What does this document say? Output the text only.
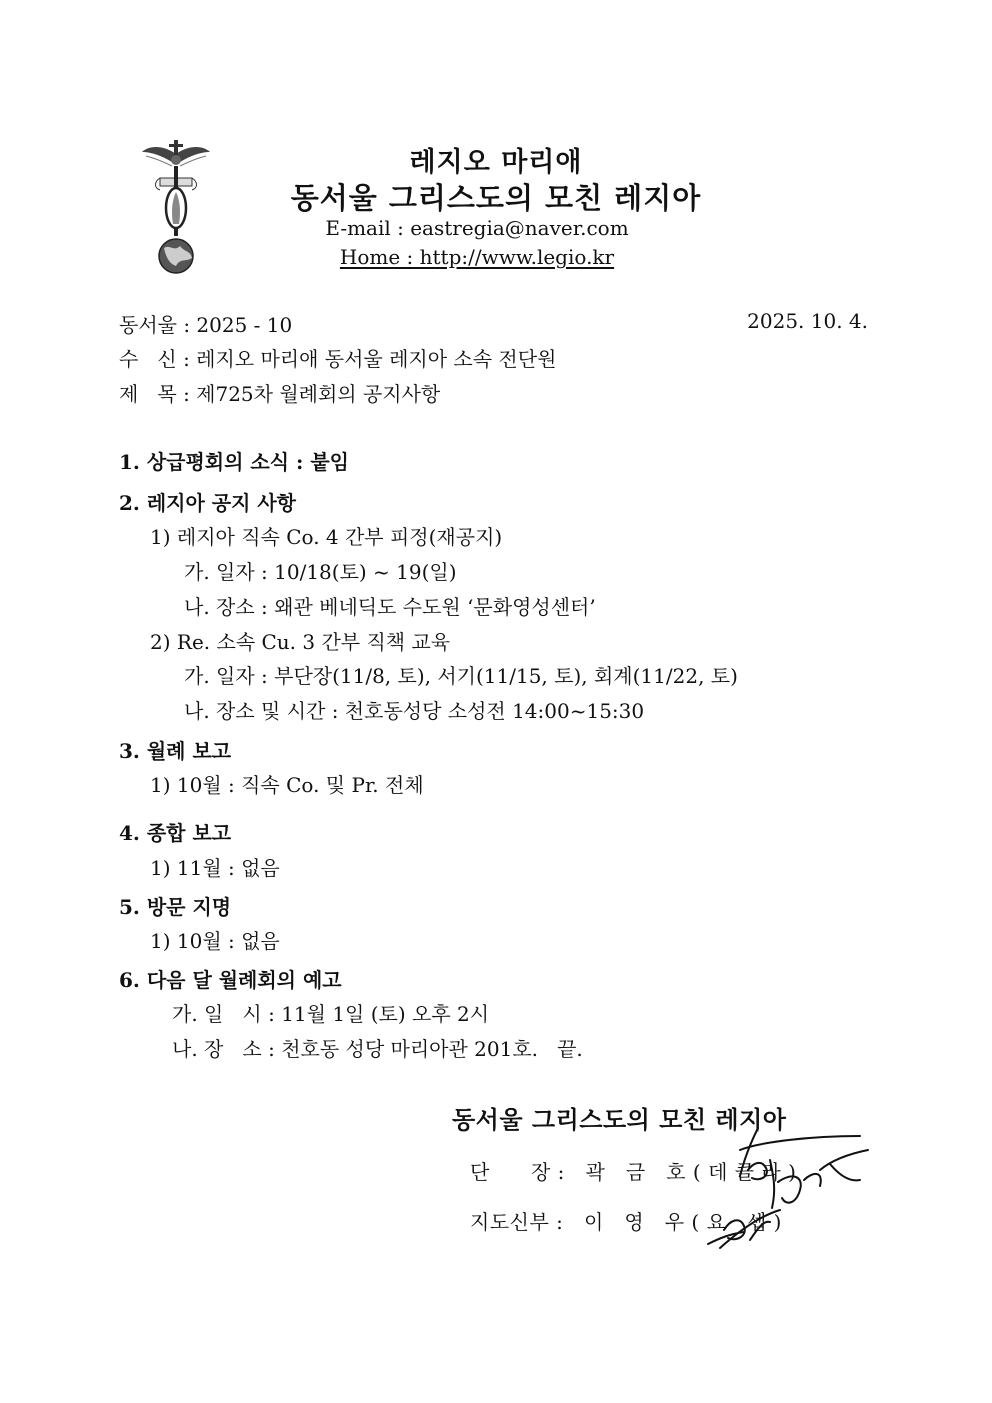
레지오 마리애
동서울 그리스도의 모친 레지아
E-mail : eastregia@naver.com
Home : http://www.legio.kr
동서울 : 2025 - 10	2025. 10. 4.
수   신 : 레지오 마리애 동서울 레지아 소속 전단원
제   목 : 제725차 월례회의 공지사항
1. 상급평회의 소식 : 붙임
2. 레지아 공지 사항
1) 레지아 직속 Co. 4 간부 피정(재공지)
가. 일자 : 10/18(토) ~ 19(일)
나. 장소 : 왜관 베네딕도 수도원 ‘문화영성센터’
2) Re. 소속 Cu. 3 간부 직책 교육
가. 일자 : 부단장(11/8, 토), 서기(11/15, 토), 회계(11/22, 토)
나. 장소 및 시간 : 천호동성당 소성전 14:00~15:30
3. 월례 보고
1) 10월 : 직속 Co. 및 Pr. 전체
4. 종합 보고
1) 11월 : 없음
5. 방문 지명
1) 10월 : 없음
6. 다음 달 월례회의 예고
가. 일   시 : 11월 1일 (토) 오후 2시
나. 장   소 : 천호동 성당 마리아관 201호.   끝.
동서울 그리스도의 모친 레지아
단      장 :   곽   금   호 ( 데 클 라 )
지도신부 :   이   영   우 ( 요   셉 )
